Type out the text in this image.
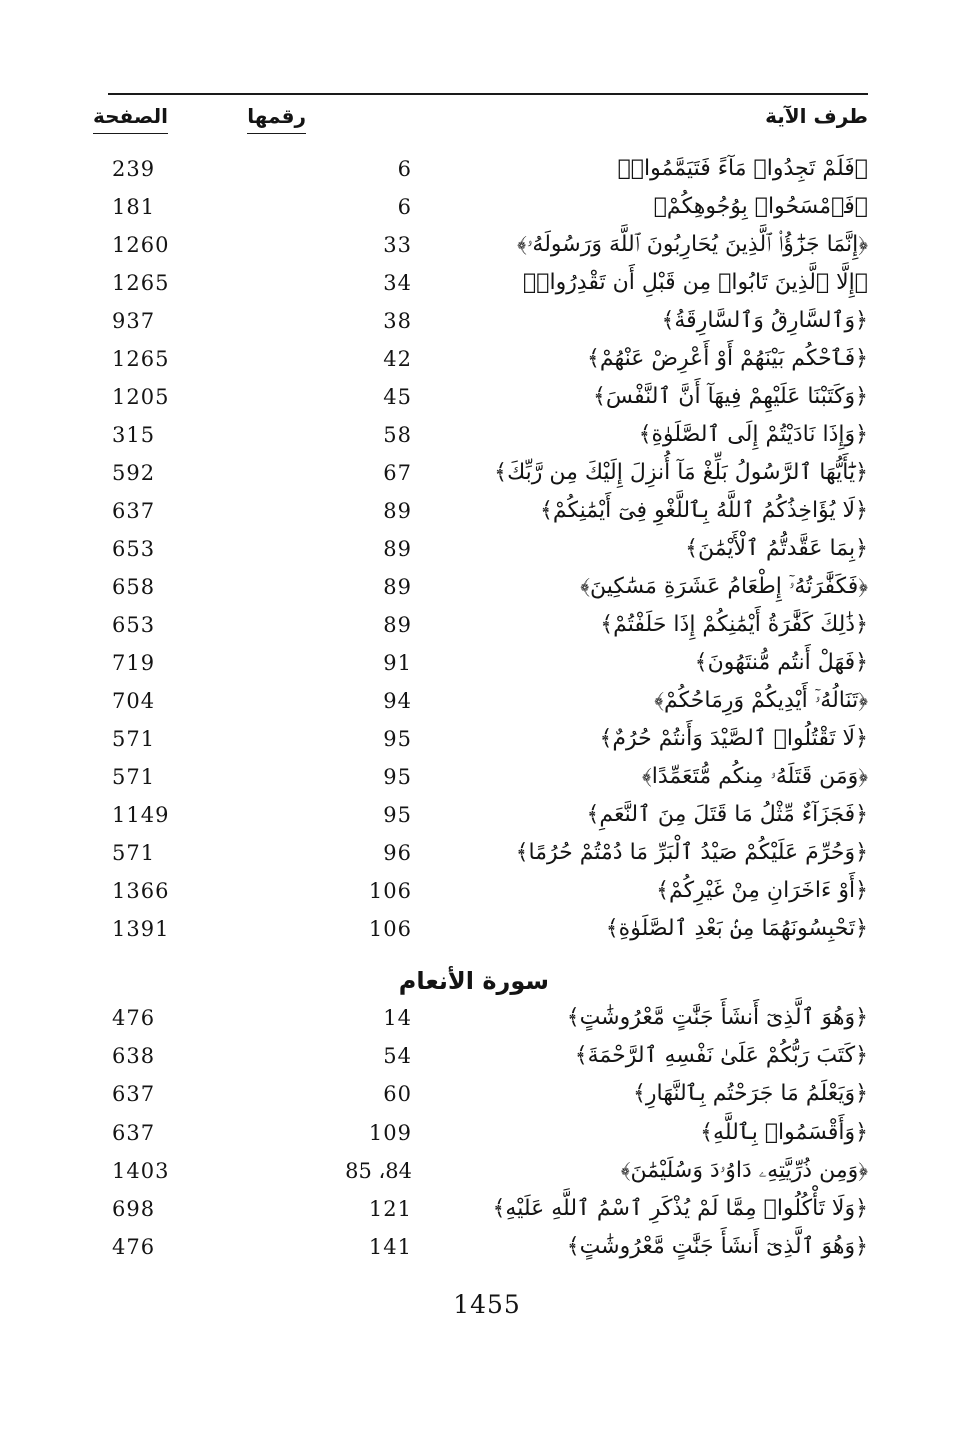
طرف الآية
رقمها
الصفحة
﴿فَلَمْ تَجِدُوا۟ مَآءً فَتَيَمَّمُوا۟﴾
6
239
﴿فَٱمْسَحُوا۟ بِوُجُوهِكُمْ﴾
6
181
﴿إِنَّمَا جَزَٰٓؤُا۟ ٱلَّذِينَ يُحَارِبُونَ ٱللَّهَ وَرَسُولَهُۥ﴾
33
1260
﴿إِلَّا ٱلَّذِينَ تَابُوا۟ مِن قَبْلِ أَن تَقْدِرُوا۟﴾
34
1265
﴿وَٱلسَّارِقُ وَٱلسَّارِقَةُ﴾
38
937
﴿فَٱحْكُم بَيْنَهُمْ أَوْ أَعْرِضْ عَنْهُمْ﴾
42
1265
﴿وَكَتَبْنَا عَلَيْهِمْ فِيهَآ أَنَّ ٱلنَّفْسَ﴾
45
1205
﴿وَإِذَا نَادَيْتُمْ إِلَى ٱلصَّلَوٰةِ﴾
58
315
﴿يَٰٓأَيُّهَا ٱلرَّسُولُ بَلِّغْ مَآ أُنزِلَ إِلَيْكَ مِن رَّبِّكَ﴾
67
592
﴿لَا يُؤَاخِذُكُمُ ٱللَّهُ بِٱللَّغْوِ فِىٓ أَيْمَٰنِكُمْ﴾
89
637
﴿بِمَا عَقَّدتُّمُ ٱلْأَيْمَٰنَ﴾
89
653
﴿فَكَفَّٰرَتُهُۥٓ إِطْعَامُ عَشَرَةِ مَسَٰكِينَ﴾
89
658
﴿ذَٰلِكَ كَفَّٰرَةُ أَيْمَٰنِكُمْ إِذَا حَلَفْتُمْ﴾
89
653
﴿فَهَلْ أَنتُم مُّنتَهُونَ﴾
91
719
﴿تَنَالُهُۥٓ أَيْدِيكُمْ وَرِمَاحُكُمْ﴾
94
704
﴿لَا تَقْتُلُوا۟ ٱلصَّيْدَ وَأَنتُمْ حُرُمٌ﴾
95
571
﴿وَمَن قَتَلَهُۥ مِنكُم مُّتَعَمِّدًا﴾
95
571
﴿فَجَزَآءٌ مِّثْلُ مَا قَتَلَ مِنَ ٱلنَّعَمِ﴾
95
1149
﴿وَحُرِّمَ عَلَيْكُمْ صَيْدُ ٱلْبَرِّ مَا دُمْتُمْ حُرُمًا﴾
96
571
﴿أَوْ ءَاخَرَانِ مِنْ غَيْرِكُمْ﴾
106
1366
﴿تَحْبِسُونَهُمَا مِنۢ بَعْدِ ٱلصَّلَوٰةِ﴾
106
1391
سورة الأنعام
﴿وَهُوَ ٱلَّذِىٓ أَنشَأَ جَنَّٰتٍ مَّعْرُوشَٰتٍ﴾
14
476
﴿كَتَبَ رَبُّكُمْ عَلَىٰ نَفْسِهِ ٱلرَّحْمَةَ﴾
54
638
﴿وَيَعْلَمُ مَا جَرَحْتُم بِٱلنَّهَارِ﴾
60
637
﴿وَأَقْسَمُوا۟ بِٱللَّهِ﴾
109
637
﴿وَمِن ذُرِّيَّتِهِۦ دَاوُۥدَ وَسُلَيْمَٰنَ﴾
84، 85
1403
﴿وَلَا تَأْكُلُوا۟ مِمَّا لَمْ يُذْكَرِ ٱسْمُ ٱللَّهِ عَلَيْهِ﴾
121
698
﴿وَهُوَ ٱلَّذِىٓ أَنشَأَ جَنَّٰتٍ مَّعْرُوشَٰتٍ﴾
141
476
1455
